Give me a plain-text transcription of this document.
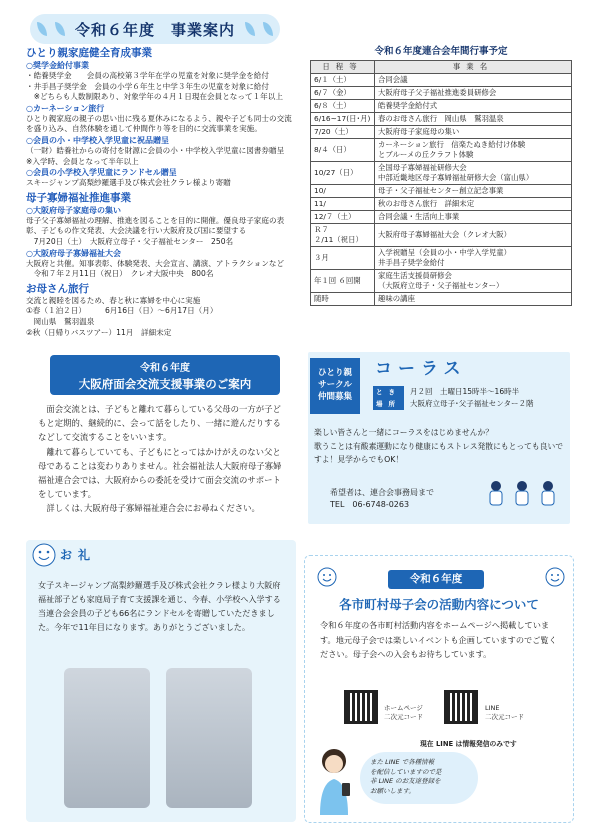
令和６年度　事業案内
ひとり親家庭健全育成事業
○奨学金給付事業

・皓養奨学金　　会員の高校第３学年在学の児童を対象に奨学金を給付
・井手昌子奨学金　会員の小学６年生と中学３年生の児童を対象に給付
　※どちらも人数制限あり、対象学年の４月１日現在会員となって１年以上

○カーネーション旅行

ひとり親家庭の親子の思い出に残る夏休みになるよう、親や子ども同士の交流を盛り込み、自然体験を通して仲間作り等を目的に交流事業を実施。

○会員の小・中学校入学児童に祝品贈呈

（一財）皓養社からの寄付を財源に会員の小・中学校入学児童に図書券贈呈
※入学時、会員となって半年以上

○会員の小学校入学児童にランドセル贈呈

スキージャンプ高梨紗羅選手及び株式会社クラレ様より寄贈

母子寡婦福祉推進事業
○大阪府母子家庭母の集い

母子父子寡婦福祉の理解、推進を図ることを目的に開催。優良母子家庭の表彰、子どもの作文発表、大会決議を行い大阪府及び国に要望する
　7月20日（土）　大阪府立母子・父子福祉センター　250名

○大阪府母子寡婦福祉大会

大阪府と共催。知事表彰、体験発表、大会宣言、講演、アトラクションなど
　令和７年２月11日（祝日）　クレオ大阪中央　800名

お母さん旅行

交流と親睦を図るため、春と秋に寡婦を中心に実施
①春（１泊２日）　　　6月16日（日）～6月17日（月）
　岡山県　鷲羽温泉
②秋（日帰りバスツアー）11月　詳細未定

令和６年度連合会年間行事予定
日程等	事業名
6/１（土）	合同会議
6/７（金）	大阪府母子父子福祉推進委員研修会
6/８（土）	皓養奨学金給付式
6/16~17(日･月)	春のお母さん旅行　岡山県　鷲羽温泉
7/20（土）	大阪府母子家庭母の集い
8/４（日）	カーネーション旅行　信楽たぬき給付け体験
とブルーメの丘クラフト体験
10/27（日）	全国母子寡婦福祉研修大会
中部近畿地区母子寡婦福祉研修大会（富山県）
10/	母子・父子福祉センター創立記念事業
11/	秋のお母さん旅行　詳細未定
12/７（土）	合同会議・生活向上事業
Ｒ７
２/11（祝日）	大阪府母子寡婦福祉大会（クレオ大阪）
３月	入学祝贈呈（会員の小・中学入学児童）
井手昌子奨学金給付
年１回 ６回開	家庭生活支援員研修会
（大阪府立母子・父子福祉センター）
随時	趣味の講座
令和６年度
大阪府面会交流支援事業のご案内
　面会交流とは、子どもと離れて暮らしている父母の一方が子どもと定期的、継続的に、会って話をしたり、一緒に遊んだりするなどして交流することをいいます。
　離れて暮らしていても、子どもにとってはかけがえのない父と母であることは変わりありません。社会福祉法人大阪府母子寡婦福祉連合会では、大阪府からの委託を受けて面会交流のサポートをしています。
　詳しくは､大阪府母子寡婦福祉連合会にお尋ねください。
ひとり親
サークル
仲間募集
コーラス
とき 月２回　土曜日15時半～16時半
場所 大阪府立母子･父子福祉センター２階
楽しい皆さんと一緒にコーラスをはじめませんか？
歌うことは有酸素運動になり健康にもストレス発散にもとっても良いですよ！見学からでもOK！
希望者は、連合会事務局まで
TEL　06-6748-0263
お礼
女子スキージャンプ高梨紗羅選手及び株式会社クラレ様より大阪府福祉部子ども家庭局子育て支援課を通じ、今春、小学校へ入学する当連合会会員の子ども66名にランドセルを寄贈していただきました。今年で11年目になります。ありがとうございました。
令和６年度
各市町村母子会の活動内容について
令和６年度の各市町村活動内容をホームページへ掲載しています。地元母子会では楽しいイベントも企画していますのでご覧ください。母子会への入会もお待ちしています。
ホームページ
二次元コード
LINE
二次元コード
現在 LINE は情報発信のみです
また LINE で各種情報
を配信していますので是
非 LINE のお友達登録を
お願いします。
